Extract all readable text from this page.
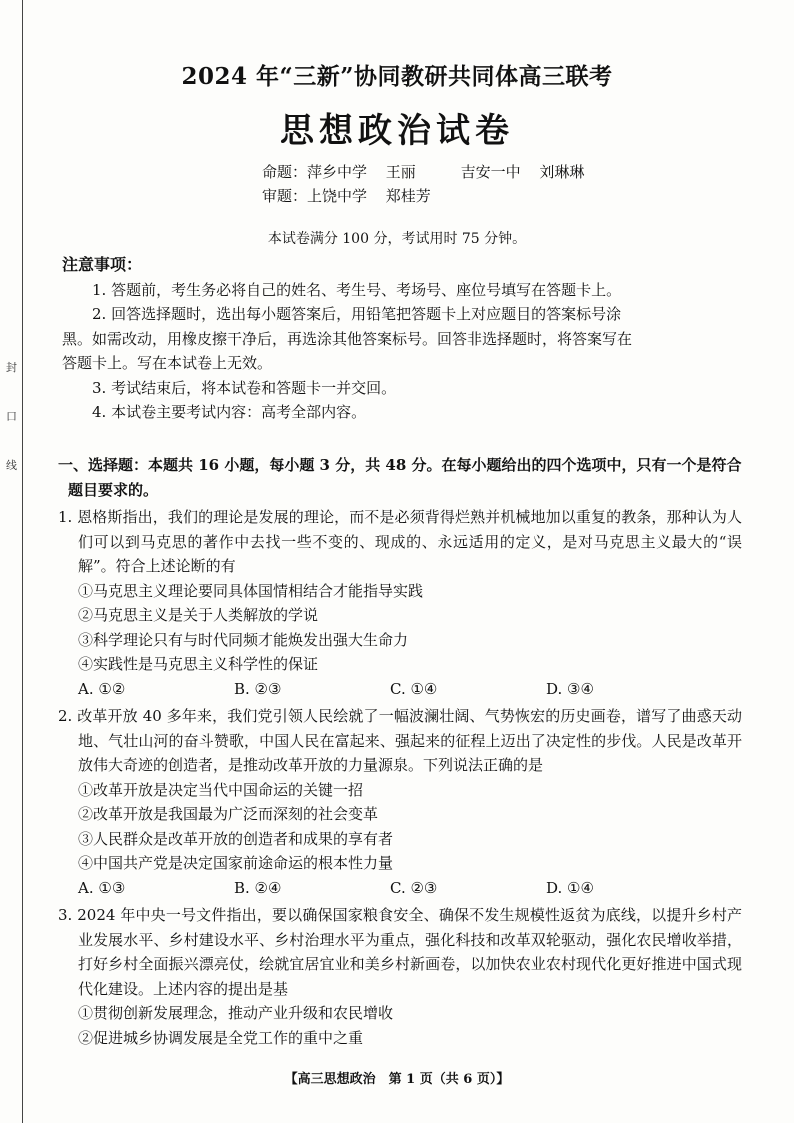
封
口
线
2024 年“三新”协同教研共同体高三联考
思想政治试卷
命题：萍乡中学 王丽	吉安一中 刘琳琳
审题：上饶中学 郑桂芳
本试卷满分 100 分，考试用时 75 分钟。
注意事项：

1. 答题前，考生务必将自己的姓名、考生号、考场号、座位号填写在答题卡上。

2. 回答选择题时，选出每小题答案后，用铅笔把答题卡上对应题目的答案标号涂

黑。如需改动，用橡皮擦干净后，再选涂其他答案标号。回答非选择题时，将答案写在

答题卡上。写在本试卷上无效。

3. 考试结束后，将本试卷和答题卡一并交回。

4. 本试卷主要考试内容：高考全部内容。

一、选择题：本题共 16 小题，每小题 3 分，共 48 分。在每小题给出的四个选项中，只有一个是符合题目要求的。

1. 恩格斯指出，我们的理论是发展的理论，而不是必须背得烂熟并机械地加以重复的教条，那种认为人们可以到马克思的著作中去找一些不变的、现成的、永远适用的定义，是对马克思主义最大的“误解”。符合上述论断的有

①马克思主义理论要同具体国情相结合才能指导实践

②马克思主义是关于人类解放的学说

③科学理论只有与时代同频才能焕发出强大生命力

④实践性是马克思主义科学性的保证

A. ①②	B. ②③	C. ①④	D. ③④

2. 改革开放 40 多年来，我们党引领人民绘就了一幅波澜壮阔、气势恢宏的历史画卷，谱写了曲惑天动地、气壮山河的奋斗赞歌，中国人民在富起来、强起来的征程上迈出了决定性的步伐。人民是改革开放伟大奇迹的创造者，是推动改革开放的力量源泉。下列说法正确的是

①改革开放是决定当代中国命运的关键一招

②改革开放是我国最为广泛而深刻的社会变革

③人民群众是改革开放的创造者和成果的享有者

④中国共产党是决定国家前途命运的根本性力量

A. ①③	B. ②④	C. ②③	D. ①④

3. 2024 年中央一号文件指出，要以确保国家粮食安全、确保不发生规模性返贫为底线，以提升乡村产业发展水平、乡村建设水平、乡村治理水平为重点，强化科技和改革双轮驱动，强化农民增收举措，打好乡村全面振兴漂亮仗，绘就宜居宜业和美乡村新画卷，以加快农业农村现代化更好推进中国式现代化建设。上述内容的提出是基

①贯彻创新发展理念，推动产业升级和农民增收

②促进城乡协调发展是全党工作的重中之重

【高三思想政治　第 1 页（共 6 页）】
